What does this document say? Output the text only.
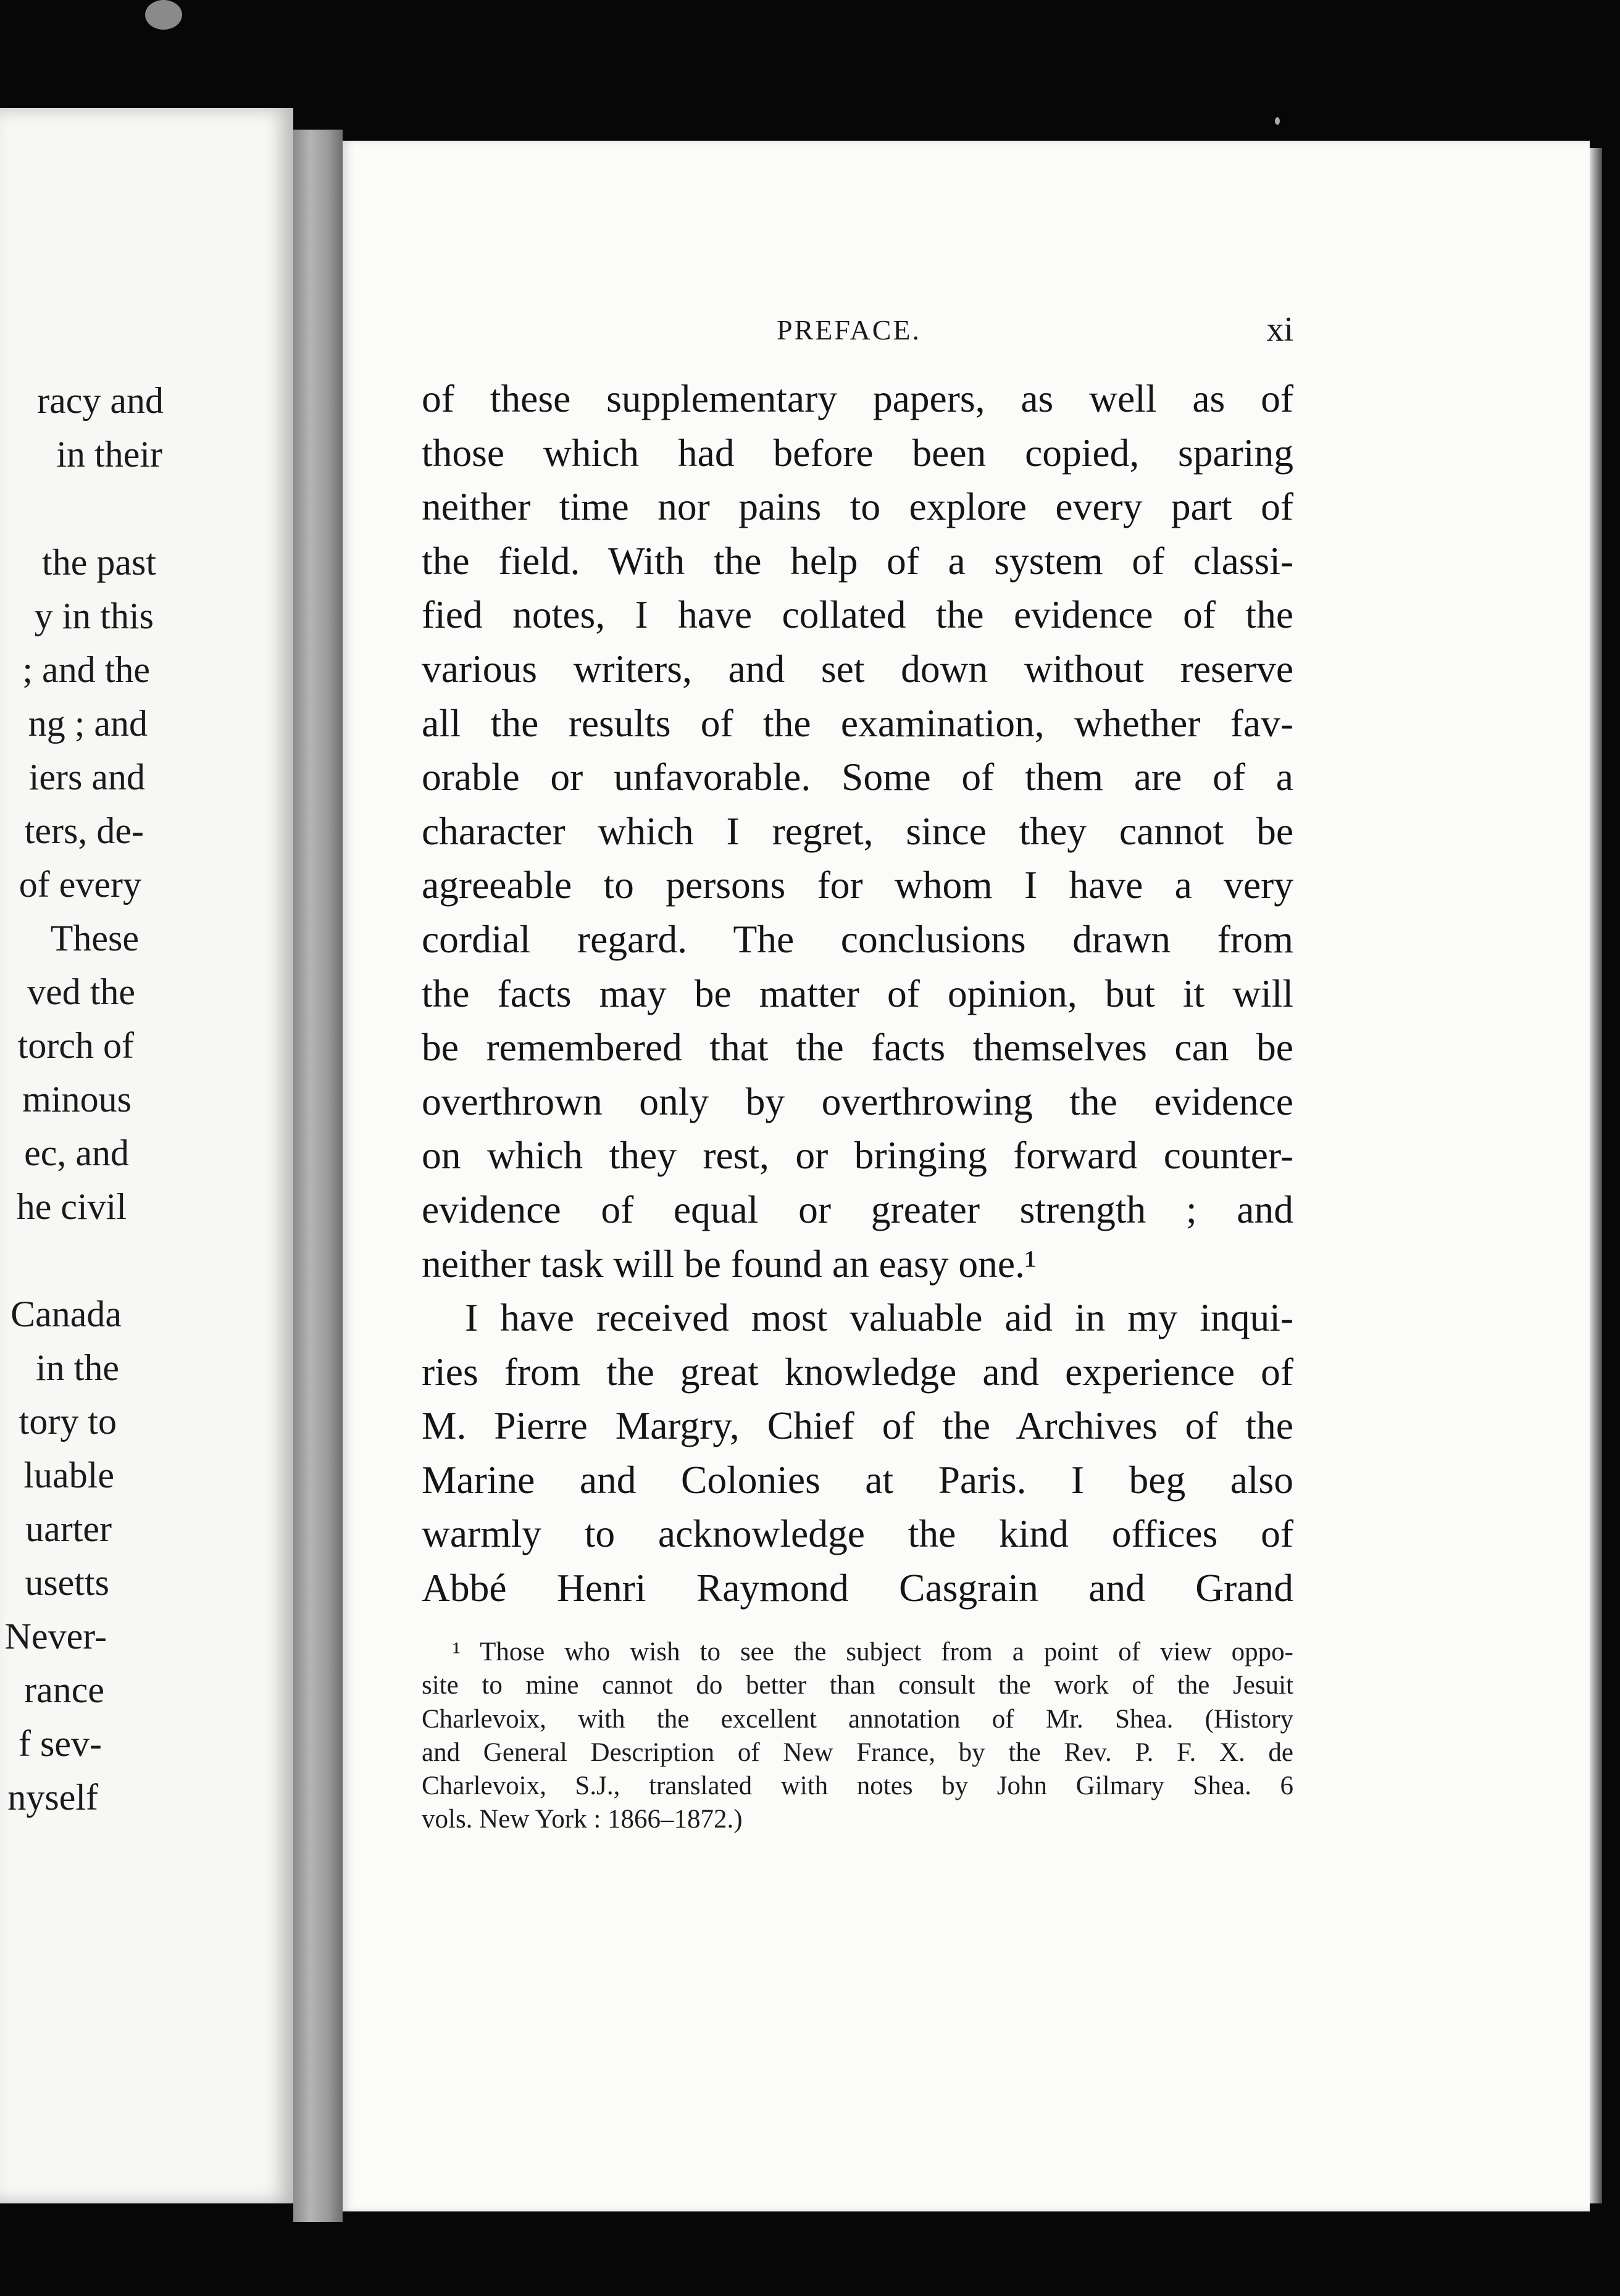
racy and
in their
the past
y in this
; and the
ng ; and
iers and
ters, de-
of every
These
ved the
torch of
minous
ec, and
he civil
Canada
in the
tory to
luable
uarter
usetts
Never-
rance
f sev-
nyself
PREFACE.	xi
of these supplementary papers, as well as of
those which had before been copied, sparing
neither time nor pains to explore every part of
the field. With the help of a system of classi-
fied notes, I have collated the evidence of the
various writers, and set down without reserve
all the results of the examination, whether fav-
orable or unfavorable. Some of them are of a
character which I regret, since they cannot be
agreeable to persons for whom I have a very
cordial regard. The conclusions drawn from
the facts may be matter of opinion, but it will
be remembered that the facts themselves can be
overthrown only by overthrowing the evidence
on which they rest, or bringing forward counter-
evidence of equal or greater strength ; and
neither task will be found an easy one.¹
I have received most valuable aid in my inqui-
ries from the great knowledge and experience of
M. Pierre Margry, Chief of the Archives of the
Marine and Colonies at Paris. I beg also
warmly to acknowledge the kind offices of
Abbé Henri Raymond Casgrain and Grand
¹ Those who wish to see the subject from a point of view oppo-
site to mine cannot do better than consult the work of the Jesuit
Charlevoix, with the excellent annotation of Mr. Shea. (History
and General Description of New France, by the Rev. P. F. X. de
Charlevoix, S.J., translated with notes by John Gilmary Shea. 6
vols. New York : 1866–1872.)
